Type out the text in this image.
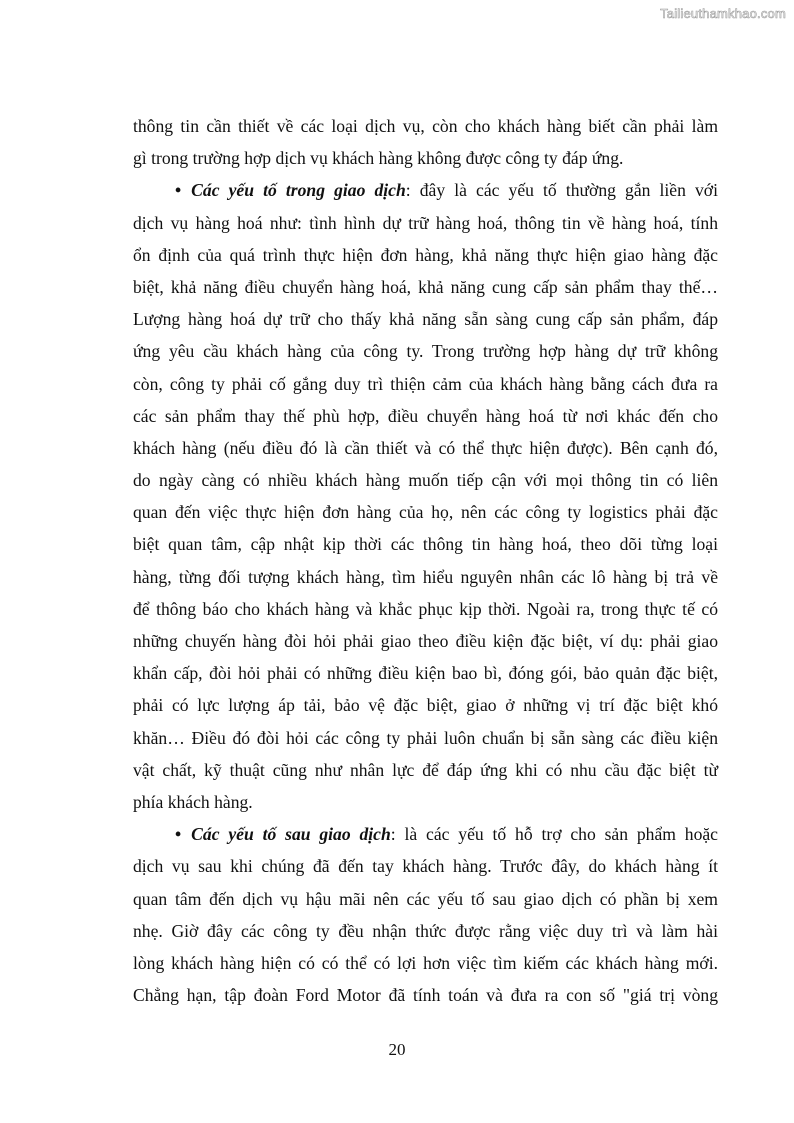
Tailieuthamkhao.com
thông tin cần thiết về các loại dịch vụ, còn cho khách hàng biết cần phải làm
gì trong trường hợp dịch vụ khách hàng không được công ty đáp ứng.
• Các yếu tố trong giao dịch: đây là các yếu tố thường gắn liền với
dịch vụ hàng hoá như: tình hình dự trữ hàng hoá, thông tin về hàng hoá, tính
ổn định của quá trình thực hiện đơn hàng, khả năng thực hiện giao hàng đặc
biệt, khả năng điều chuyển hàng hoá, khả năng cung cấp sản phẩm thay thế…
Lượng hàng hoá dự trữ cho thấy khả năng sẵn sàng cung cấp sản phẩm, đáp
ứng yêu cầu khách hàng của công ty. Trong trường hợp hàng dự trữ không
còn, công ty phải cố gắng duy trì thiện cảm của khách hàng bằng cách đưa ra
các sản phẩm thay thế phù hợp, điều chuyển hàng hoá từ nơi khác đến cho
khách hàng (nếu điều đó là cần thiết và có thể thực hiện được). Bên cạnh đó,
do ngày càng có nhiều khách hàng muốn tiếp cận với mọi thông tin có liên
quan đến việc thực hiện đơn hàng của họ, nên các công ty logistics phải đặc
biệt quan tâm, cập nhật kịp thời các thông tin hàng hoá, theo dõi từng loại
hàng, từng đối tượng khách hàng, tìm hiểu nguyên nhân các lô hàng bị trả về
để thông báo cho khách hàng và khắc phục kịp thời. Ngoài ra, trong thực tế có
những chuyến hàng đòi hỏi phải giao theo điều kiện đặc biệt, ví dụ: phải giao
khẩn cấp, đòi hỏi phải có những điều kiện bao bì, đóng gói, bảo quản đặc biệt,
phải có lực lượng áp tải, bảo vệ đặc biệt, giao ở những vị trí đặc biệt khó
khăn… Điều đó đòi hỏi các công ty phải luôn chuẩn bị sẵn sàng các điều kiện
vật chất, kỹ thuật cũng như nhân lực để đáp ứng khi có nhu cầu đặc biệt từ
phía khách hàng.
• Các yếu tố sau giao dịch: là các yếu tố hỗ trợ cho sản phẩm hoặc
dịch vụ sau khi chúng đã đến tay khách hàng. Trước đây, do khách hàng ít
quan tâm đến dịch vụ hậu mãi nên các yếu tố sau giao dịch có phần bị xem
nhẹ. Giờ đây các công ty đều nhận thức được rằng việc duy trì và làm hài
lòng khách hàng hiện có có thể có lợi hơn việc tìm kiếm các khách hàng mới.
Chẳng hạn, tập đoàn Ford Motor đã tính toán và đưa ra con số "giá trị vòng
20
